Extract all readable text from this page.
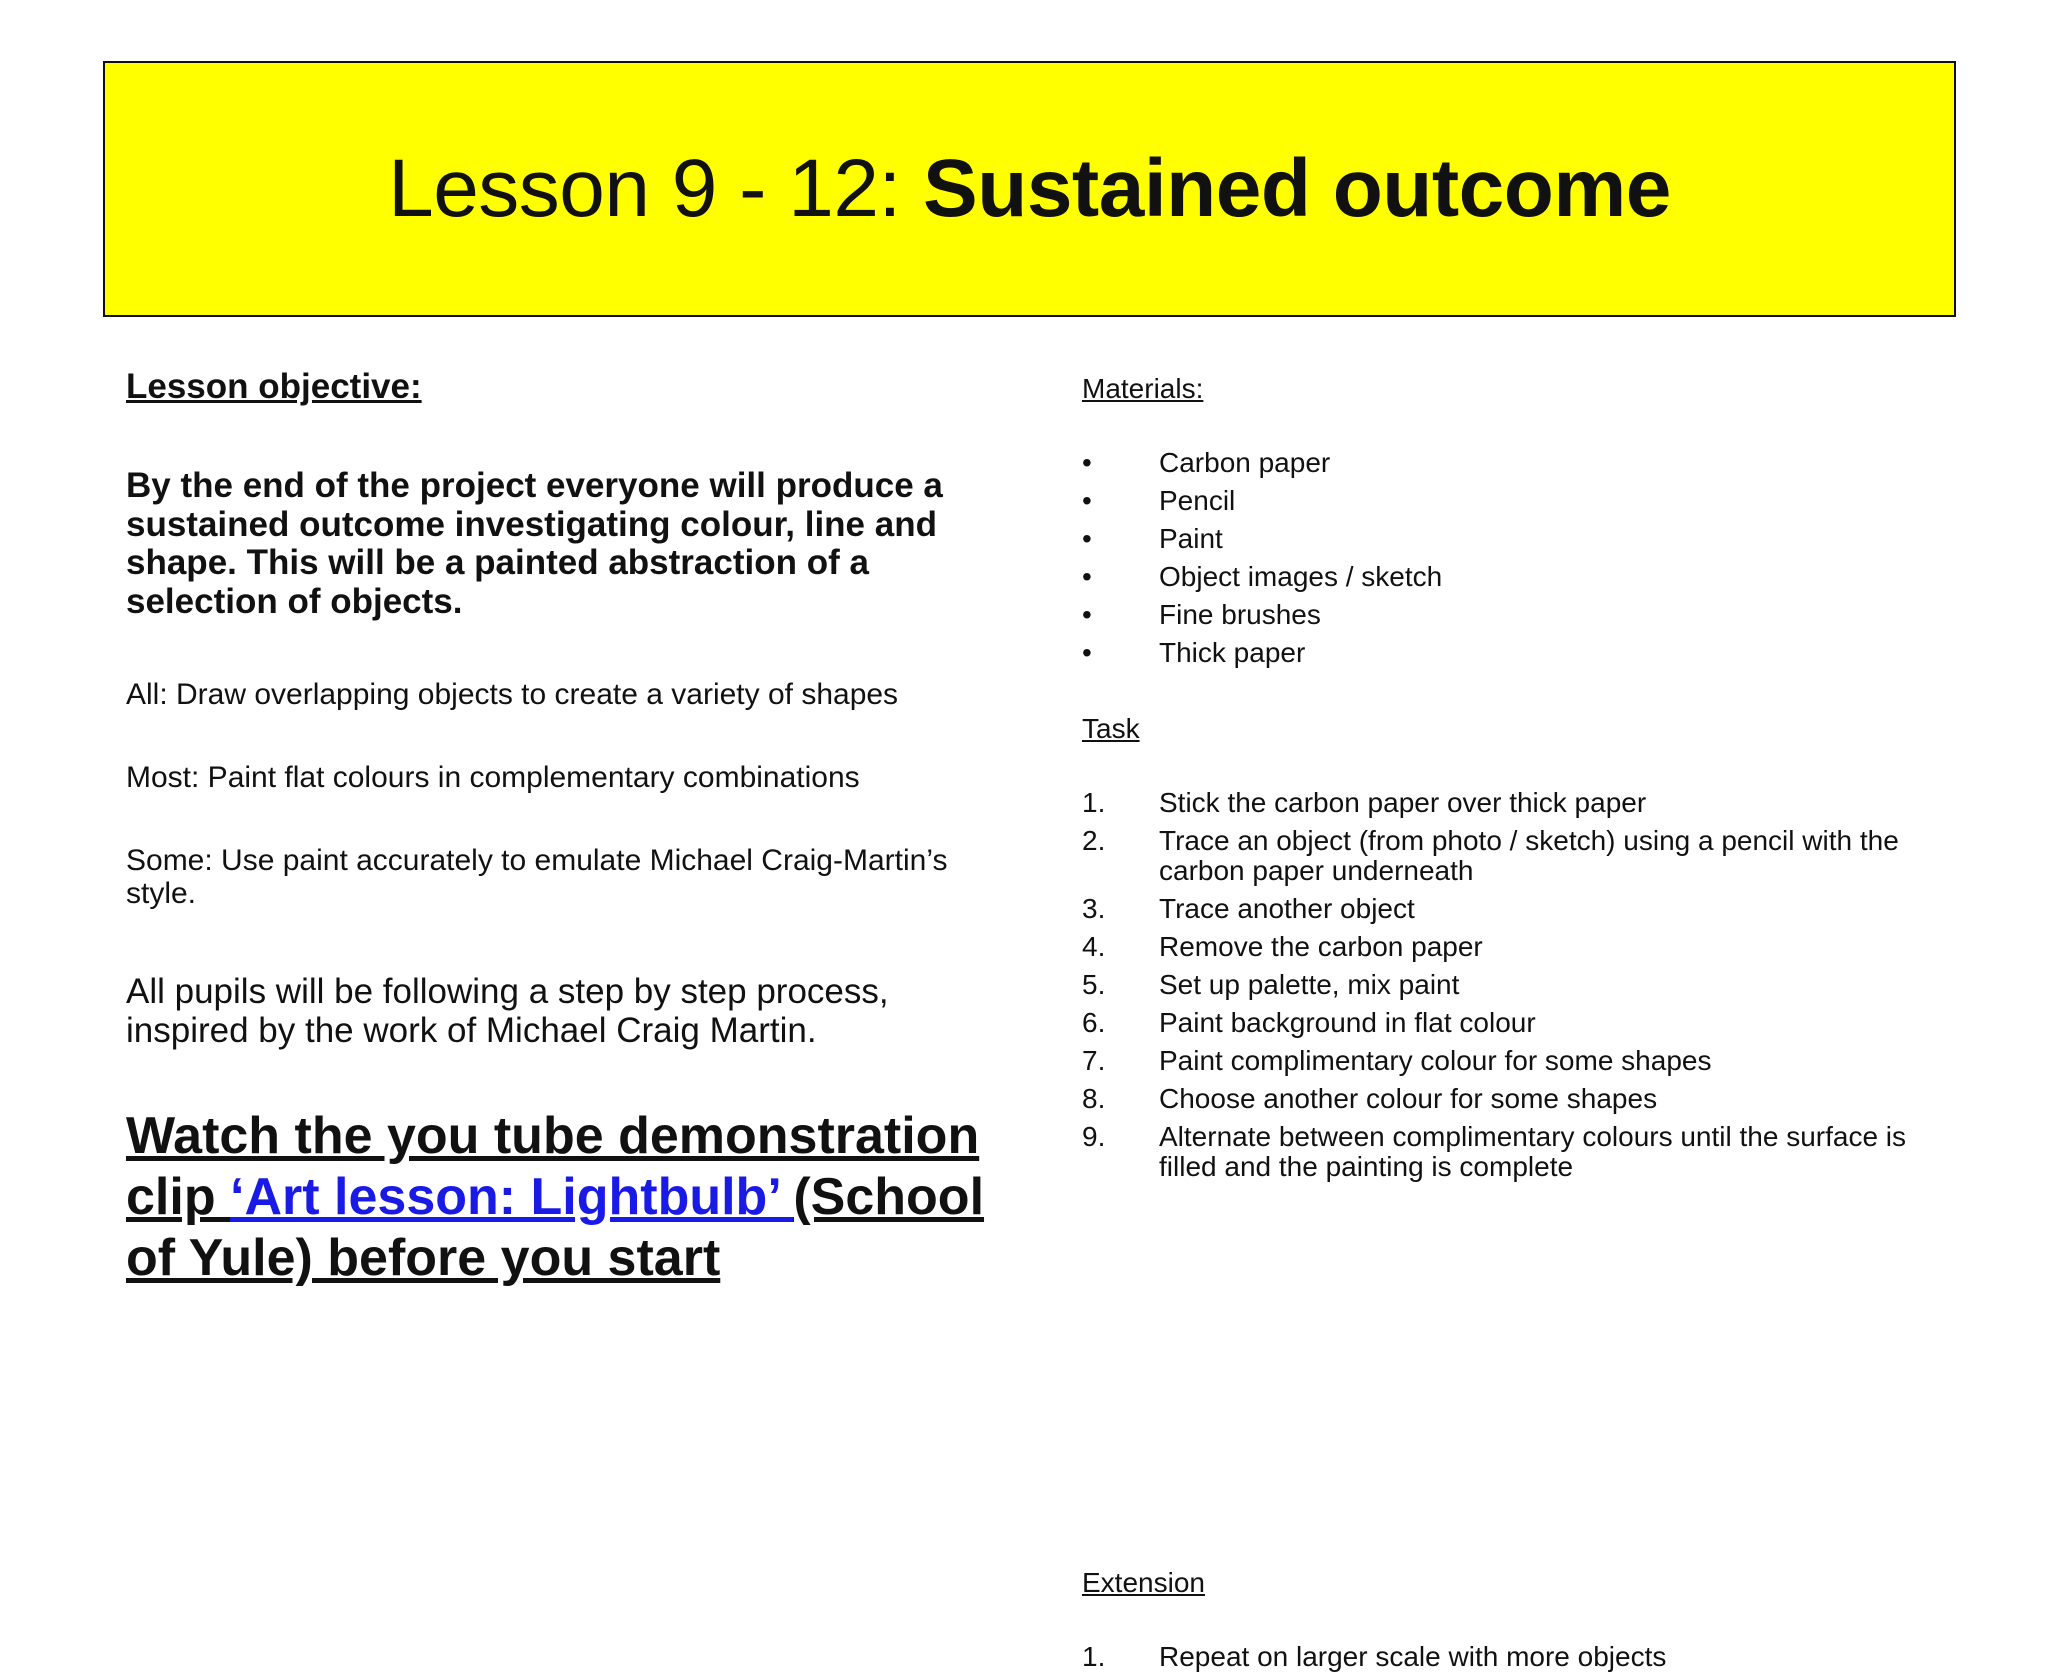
Lesson 9 - 12: Sustained outcome

Lesson objective:

By the end of the project everyone will produce a sustained outcome investigating colour, line and shape. This will be a painted abstraction of a selection of objects.

All: Draw overlapping objects to create a variety of shapes

Most: Paint flat colours in complementary combinations

Some: Use paint accurately to emulate Michael Craig-Martin’s style.

All pupils will be following a step by step process, inspired by the work of Michael Craig Martin.

Watch the you tube demonstration clip ‘Art lesson: Lightbulb’ (School of Yule) before you start

Materials:

• Carbon paper
• Pencil
• Paint
• Object images / sketch
• Fine brushes
• Thick paper

Task

1. Stick the carbon paper over thick paper
2. Trace an object (from photo / sketch) using a pencil with the carbon paper underneath
3. Trace another object
4. Remove the carbon paper
5. Set up palette, mix paint
6. Paint background in flat colour
7. Paint complimentary colour for some shapes
8. Choose another colour for some shapes
9. Alternate between complimentary colours until the surface is filled and the painting is complete

Extension

1. Repeat on larger scale with more objects
